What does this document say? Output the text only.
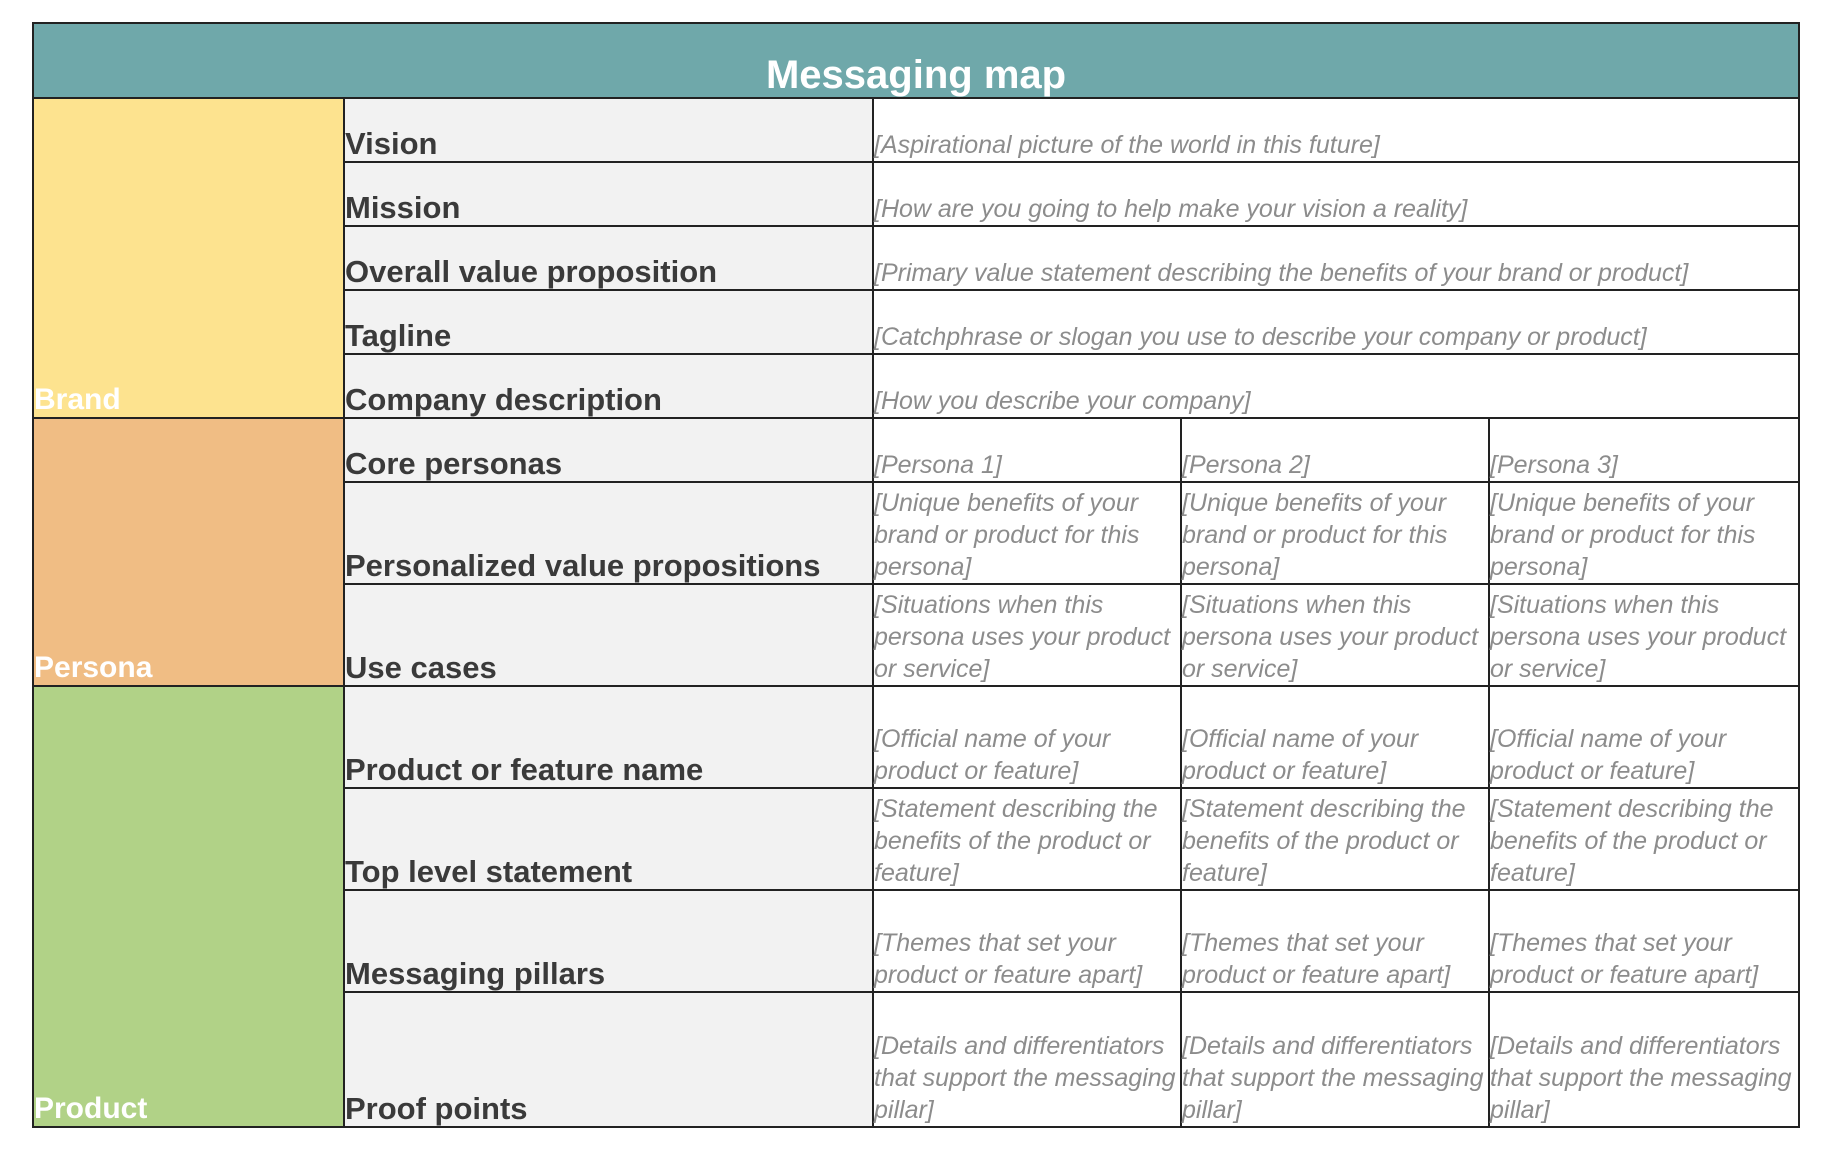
Messaging map				
Brand	Vision	[Aspirational picture of the world in this future]		
	Mission	[How are you going to help make your vision a reality]		
	Overall value proposition	[Primary value statement describing the benefits of your brand or product]		
	Tagline	[Catchphrase or slogan you use to describe your company or product]		
	Company description	[How you describe your company]		
Persona	Core personas	[Persona 1]	[Persona 2]	[Persona 3]
	Personalized value propositions	[Unique benefits of your brand or product for this persona]	[Unique benefits of your brand or product for this persona]	[Unique benefits of your brand or product for this persona]
	Use cases	[Situations when this persona uses your product or service]	[Situations when this persona uses your product or service]	[Situations when this persona uses your product or service]
Product	Product or feature name	[Official name of your product or feature]	[Official name of your product or feature]	[Official name of your product or feature]
	Top level statement	[Statement describing the benefits of the product or feature]	[Statement describing the benefits of the product or feature]	[Statement describing the benefits of the product or feature]
	Messaging pillars	[Themes that set your product or feature apart]	[Themes that set your product or feature apart]	[Themes that set your product or feature apart]
	Proof points	[Details and differentiators that support the messaging pillar]	[Details and differentiators that support the messaging pillar]	[Details and differentiators that support the messaging pillar]
